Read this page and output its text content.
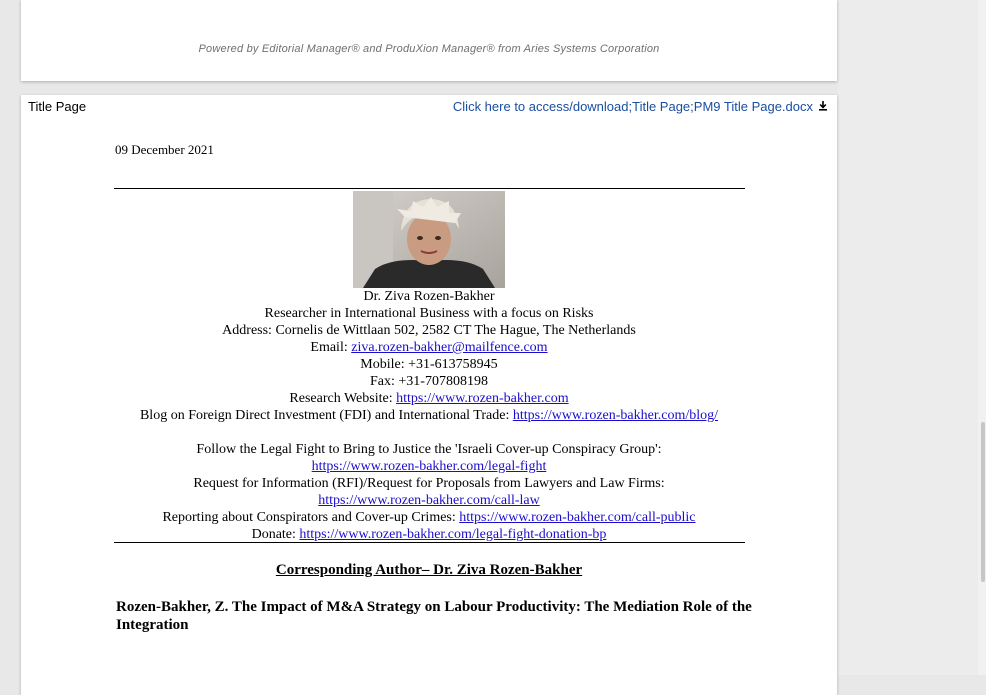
Powered by Editorial Manager® and ProduXion Manager® from Aries Systems Corporation
Title Page	Click here to access/download;Title Page;PM9 Title Page.docx
09 December 2021
Dr. Ziva Rozen-Bakher
Researcher in International Business with a focus on Risks
Address: Cornelis de Wittlaan 502, 2582 CT The Hague, The Netherlands
Email: ziva.rozen-bakher@mailfence.com
Mobile: +31-613758945
Fax: +31-707808198
Research Website: https://www.rozen-bakher.com
Blog on Foreign Direct Investment (FDI) and International Trade: https://www.rozen-bakher.com/blog/
Follow the Legal Fight to Bring to Justice the 'Israeli Cover-up Conspiracy Group':
https://www.rozen-bakher.com/legal-fight
Request for Information (RFI)/Request for Proposals from Lawyers and Law Firms:
https://www.rozen-bakher.com/call-law
Reporting about Conspirators and Cover-up Crimes: https://www.rozen-bakher.com/call-public
Donate: https://www.rozen-bakher.com/legal-fight-donation-bp
Corresponding Author– Dr. Ziva Rozen-Bakher
Rozen-Bakher, Z. The Impact of M&A Strategy on Labour Productivity: The Mediation Role of the Integration
